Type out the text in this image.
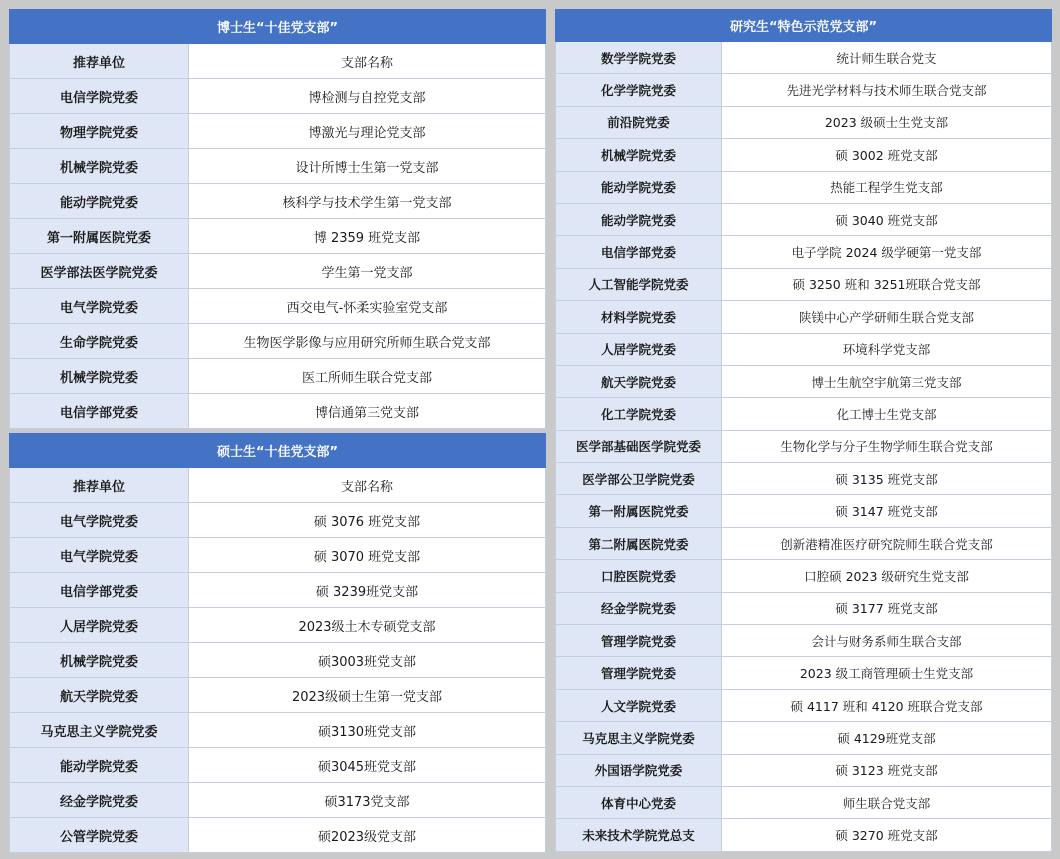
博士生“十佳党支部”	
推荐单位	支部名称
电信学院党委	博检测与自控党支部
物理学院党委	博激光与理论党支部
机械学院党委	设计所博士生第一党支部
能动学院党委	核科学与技术学生第一党支部
第一附属医院党委	博 2359 班党支部
医学部法医学院党委	学生第一党支部
电气学院党委	西交电气-怀柔实验室党支部
生命学院党委	生物医学影像与应用研究所师生联合党支部
机械学院党委	医工所师生联合党支部
电信学部党委	博信通第三党支部
硕士生“十佳党支部”	
推荐单位	支部名称
电气学院党委	硕 3076 班党支部
电气学院党委	硕 3070 班党支部
电信学部党委	硕 3239班党支部
人居学院党委	2023级土木专硕党支部
机械学院党委	硕3003班党支部
航天学院党委	2023级硕士生第一党支部
马克思主义学院党委	硕3130班党支部
能动学院党委	硕3045班党支部
经金学院党委	硕3173党支部
公管学院党委	硕2023级党支部
研究生“特色示范党支部”	
数学学院党委	统计师生联合党支
化学学院党委	先进光学材料与技术师生联合党支部
前沿院党委	2023 级硕士生党支部
机械学院党委	硕 3002 班党支部
能动学院党委	热能工程学生党支部
能动学院党委	硕 3040 班党支部
电信学部党委	电子学院 2024 级学硬第一党支部
人工智能学院党委	硕 3250 班和 3251班联合党支部
材料学院党委	陕镁中心产学研师生联合党支部
人居学院党委	环境科学党支部
航天学院党委	博士生航空宇航第三党支部
化工学院党委	化工博士生党支部
医学部基础医学院党委	生物化学与分子生物学师生联合党支部
医学部公卫学院党委	硕 3135 班党支部
第一附属医院党委	硕 3147 班党支部
第二附属医院党委	创新港精准医疗研究院师生联合党支部
口腔医院党委	口腔硕 2023 级研究生党支部
经金学院党委	硕 3177 班党支部
管理学院党委	会计与财务系师生联合支部
管理学院党委	2023 级工商管理硕士生党支部
人文学院党委	硕 4117 班和 4120 班联合党支部
马克思主义学院党委	硕 4129班党支部
外国语学院党委	硕 3123 班党支部
体育中心党委	师生联合党支部
未来技术学院党总支	硕 3270 班党支部
